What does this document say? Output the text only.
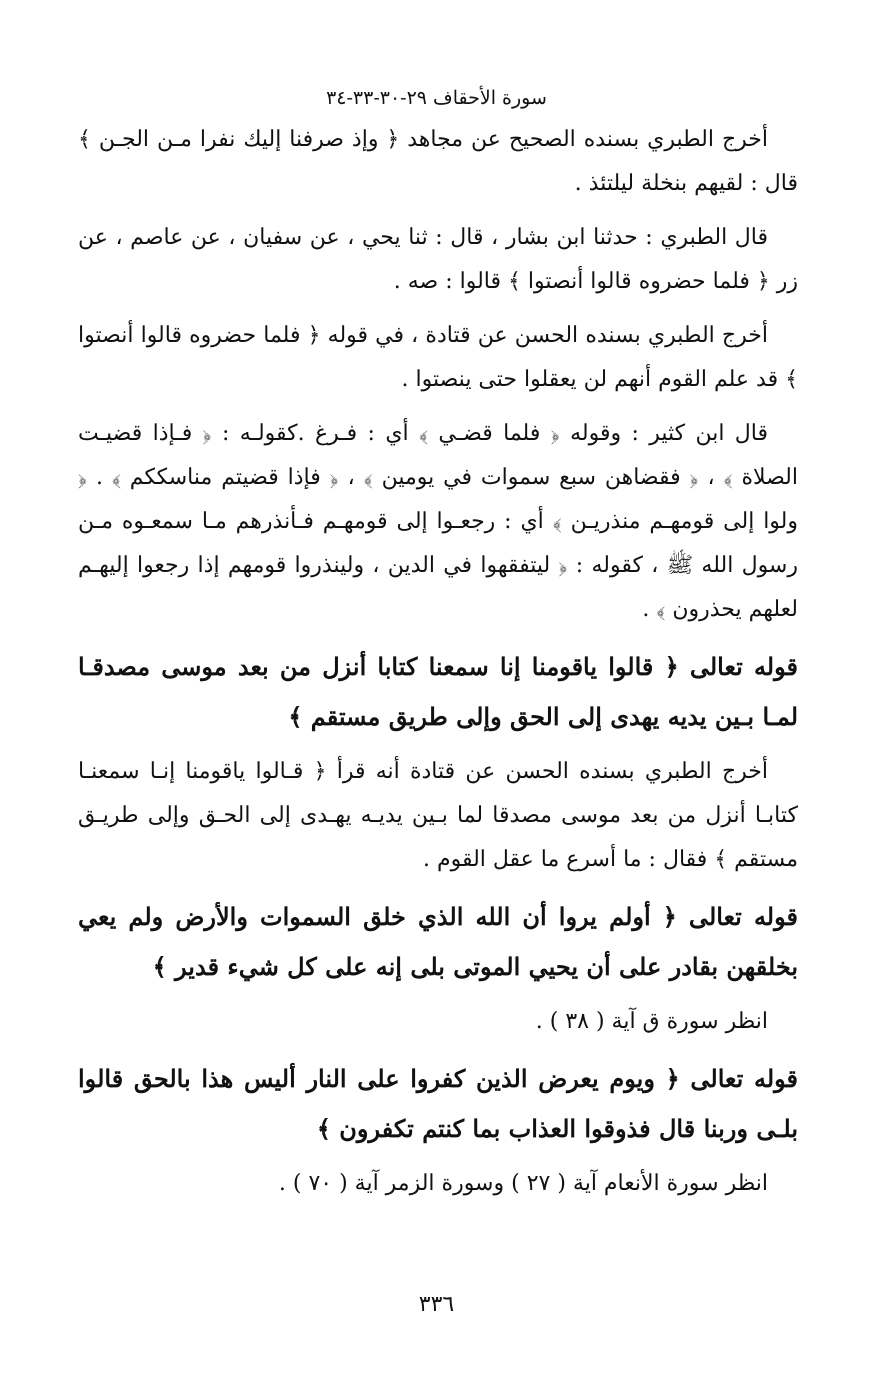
سورة الأحقاف ٢٩-٣٠-٣٣-٣٤

أخرج الطبري بسنده الصحيح عن مجاهد ﴿ وإذ صرفنا إليك نفرا مـن الجـن ﴾ قال : لقيهم بنخلة ليلتئذ .

قال الطبري : حدثنا ابن بشار ، قال : ثنا يحي ، عن سفيان ، عن عاصم ، عن زر ﴿ فلما حضروه قالوا أنصتوا ﴾ قالوا : صه .

أخرج الطبري بسنده الحسن عن قتادة ، في قوله ﴿ فلما حضروه قالوا أنصتوا ﴾ قد علم القوم أنهم لن يعقلوا حتى ينصتوا .

قال ابن كثير : وقوله ﴿ فلما قضـي ﴾ أي : فـرغ .كقولـه : ﴿ فـإذا قضيـت الصلاة ﴾ ، ﴿ فقضاهن سبع سموات في يومين ﴾ ، ﴿ فإذا قضيتم مناسككم ﴾ . ﴿ ولوا إلى قومهـم منذريـن ﴾ أي : رجعـوا إلى قومهـم فـأنذرهم مـا سمعـوه مـن رسول الله ﷺ ، كقوله : ﴿ ليتفقهوا في الدين ، ولينذروا قومهم إذا رجعوا إليهـم لعلهم يحذرون ﴾ .

قوله تعالى ﴿ قالوا ياقومنا إنا سمعنا كتابا أنزل من بعد موسى مصدقـا لمـا بـين يديه يهدى إلى الحق وإلى طريق مستقم ﴾

أخرج الطبري بسنده الحسن عن قتادة أنه قرأ ﴿ قـالوا ياقومنا إنـا سمعنـا كتابـا أنزل من بعد موسى مصدقا لما بـين يديـه يهـدى إلى الحـق وإلى طريـق مستقم ﴾ فقال : ما أسرع ما عقل القوم .

قوله تعالى ﴿ أولم يروا أن الله الذي خلق السموات والأرض ولم يعي بخلقهن بقادر على أن يحيي الموتى بلى إنه على كل شيء قدير ﴾

انظر سورة ق آية ( ٣٨ ) .

قوله تعالى ﴿ ويوم يعرض الذين كفروا على النار أليس هذا بالحق قالوا بلـى وربنا قال فذوقوا العذاب بما كنتم تكفرون ﴾

انظر سورة الأنعام آية ( ٢٧ ) وسورة الزمر آية ( ٧٠ ) .

٣٣٦
